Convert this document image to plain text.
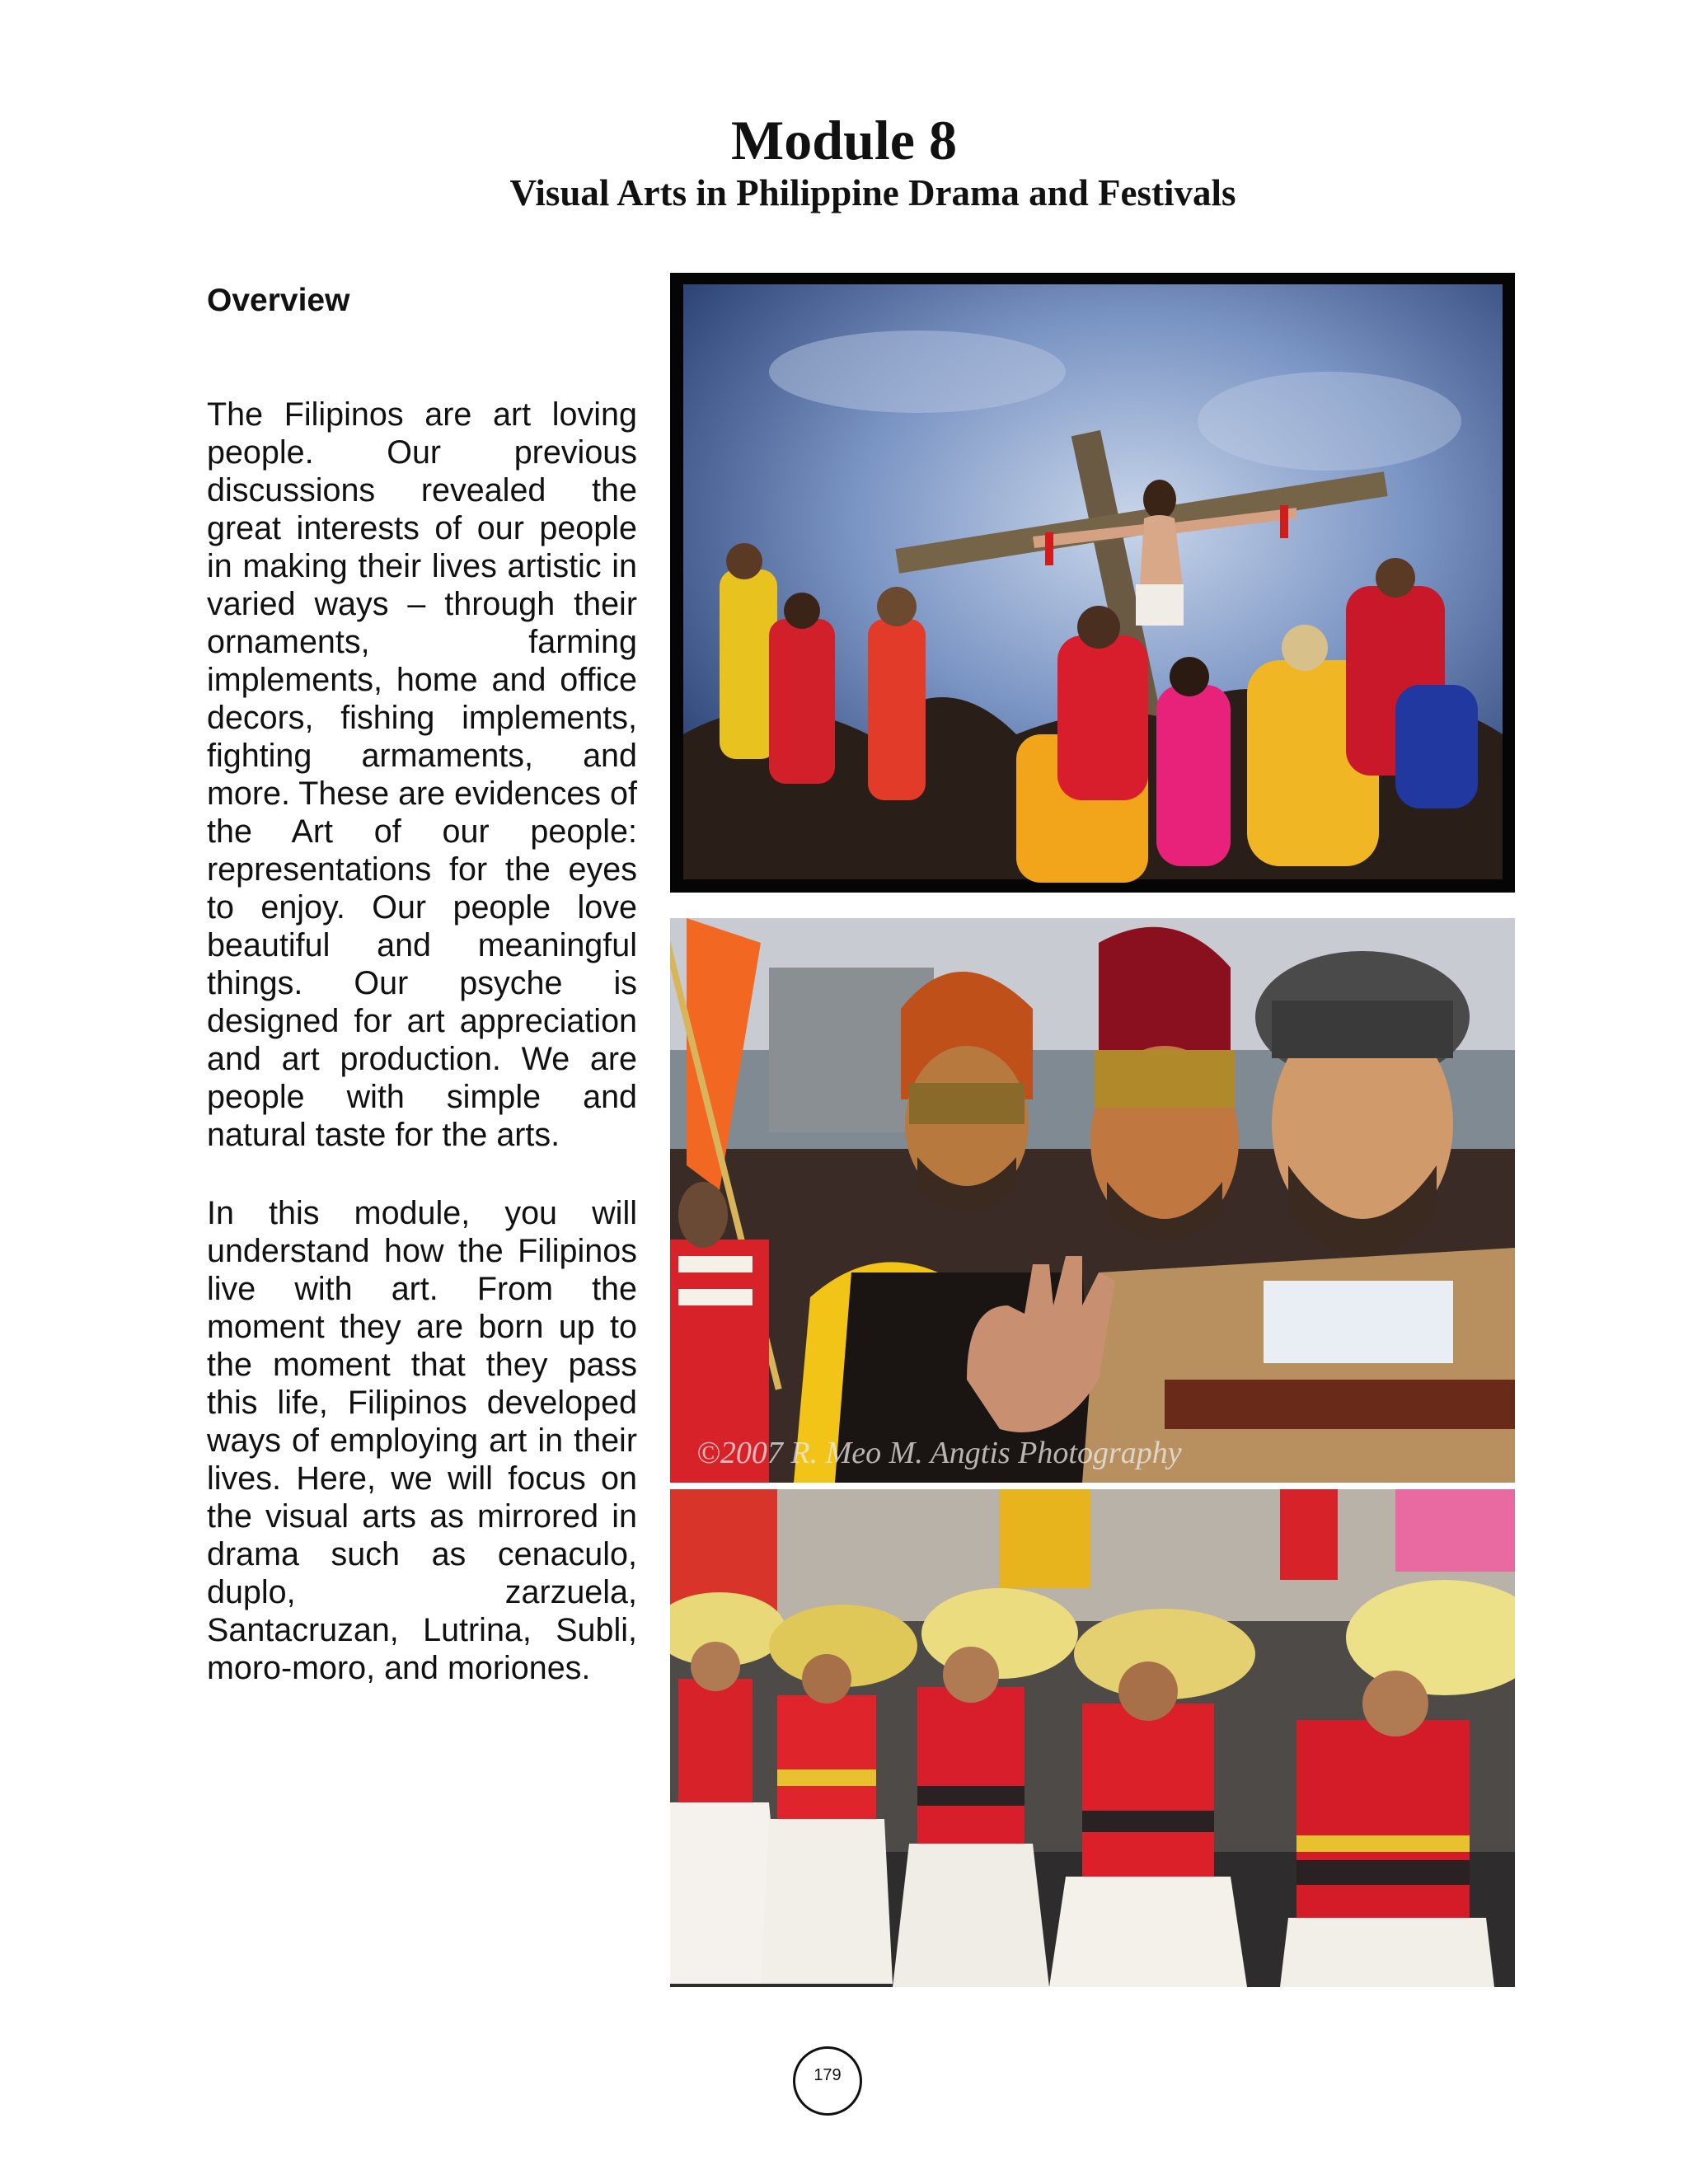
Module 8
Visual Arts in Philippine Drama and Festivals
Overview

The Filipinos are art loving people. Our previous discussions revealed the great interests of our people in making their lives artistic in varied ways – through their ornaments, farming implements, home and office decors, fishing implements, fighting armaments, and more. These are evidences of the Art of our people: representations for the eyes to enjoy. Our people love beautiful and meaningful things. Our psyche is designed for art appreciation and art production. We are people with simple and natural taste for the arts.

In this module, you will understand how the Filipinos live with art. From the moment they are born up to the moment that they pass this life, Filipinos developed ways of employing art in their lives. Here, we will focus on the visual arts as mirrored in drama such as cenaculo, duplo, zarzuela, Santacruzan, Lutrina, Subli, moro-moro, and moriones.

©2007 R. Meo M. Angtis Photography
179
